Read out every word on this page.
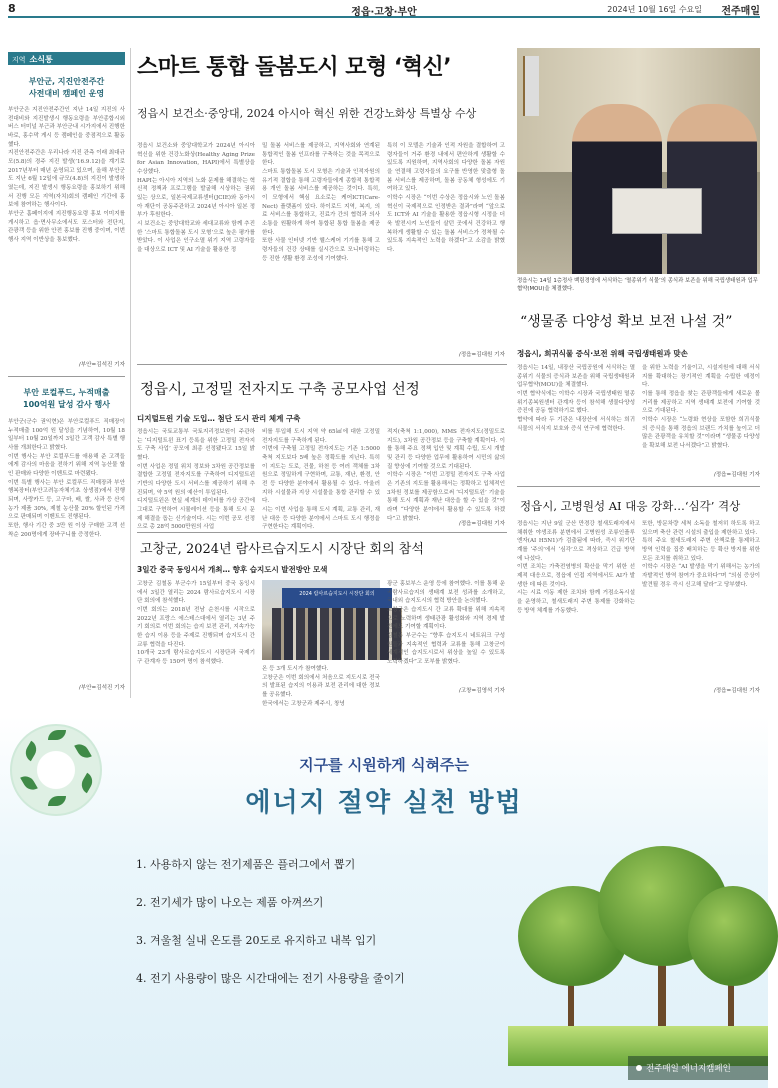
8	정읍·고창·부안	2024년 10월 16일 수요일 전주매일
지역 소식통
부안군, 지진안전주간
사전대비 캠페인 운영
부안군은 지진안전주간인 지난 14일 지진의 사전대비와 지진발생시 행동요령을 부안종합시외버스 터미널 부근과 부안군내 시가지에서 진행한 바로, 홍수막 게시 등 캠페인을 중점적으로 활동했다.
지진안전주간은 우리나라 지진 관측 이래 최대규모(5.8)의 경주 지진 발생(’16.9.12)을 계기로 2017년부터 매년 운영되고 있으며, 올해 부안군도 지난 6월 12일에 규모(4.8)의 지진이 발생하였는데, 지진 발생시 행동요령을 홍보하기 위해서 진행 모든 지역(자치)회의 캠페인 기간에 홍보에 참여하는 행사이다.
부안군 홈페이지에 지진행동요령 홍보 이미지를 게시하고 읍·면사무소에서도 포스터와 전단지, 관광객 등을 위한 안전 홍보를 진행 중이며, 이번 행사 지역 이반상을 통보했다.
/부안=김석진 기자
부안 로컬푸드, 누적매출
100억원 달성 감사 행사
부안군(군수 권익현)은 부안로컬푸드 직매장이 누적매출 100억 원 달성을 기념하여, 10월 18일부터 10월 20일까지 3일간 고객 감사 특별 행사를 개최한다고 밝혔다.
이번 행사는 부안 로컬푸드를 애용해 준 고객들에게 감사의 마음을 전하기 위해 지역 농산물 할인 판매와 다양한 이벤트로 마련됐다.
이번 특별 행사는 부안 로컬푸드 직매장과 부안 행복장터(부안고려농자체기초 상생점)에서 진행되며, 사랑카드 등, 고구마, 배, 쌀, 사과 등 산지농가 제품 30%, 제철 농산물 20% 할인된 가격으로 판매되며 이벤트도 진행된다.
또한, 행사 기간 중 3만 원 이상 구매한 고객 선착순 200명에게 장바구니를 증정한다.
/부안=김석진 기자
스마트 통합 돌봄도시 모형 ‘혁신’
정읍시 보건소·중앙대, 2024 아시아 혁신 위한 건강노화상 특별상 수상
정읍시 보건소와 중앙대학교가 2024년 아시아 혁신을 위한 건강노화상(Healthy Aging Prize for Asian Innovation, HAPI)에서 특별상을 수상했다.
HAPI는 아시아 지역의 노화 문제를 해결하는 혁신적 정책과 프로그램을 발굴해 시상하는 권위 있는 상으로, 일본국제교류센터(JCIE)와 동아시아 재단이 공동주관하고 2024년 아시아 일본 정부가 후원한다.
시 보건소는 중앙대학교와 세대교류와 함께 추진한 ‘스마트 통합돌봄 도시 모형’으로 높은 평가를 받았다. 이 사업은 인구소멸 위기 지역 고령자들을 대상으로 ICT 및 AI 기술을 활용한 정
밀 돌봄 서비스를 제공하고, 지역사회와 연계된 통합적인 돌봄 인프라를 구축하는 것을 목적으로 한다.
스마트 통합돌봄 도시 모형은 기술과 인적자원의 유기적 결합을 통해 고령자들에게 종합적 통합적용 개인 돌봄 서비스를 제공하는 것이다. 특히, 이 모형에서 핵심 요소로는 케어ICT(Care-Nect) 플랫폼이 있다. 하이로드 지역, 복지, 의료 서비스를 통합하고, 진료가 간의 협력과 의사소통을 원활하게 하여 통합된 통합 돌봄을 제공한다.
또한 사물 인터넷 기반 헬스케어 기기를 통해 고령자들의 건강 상태를 실시간으로 모니터링하는 등 진한 생활 환경 조성에 기여했다.
특히 이 모델은 기술과 인적 자원을 결합하여 고령자들이 거주 환경 내에서 편안하게 생활할 수 있도록 지원하며, 지역사회의 다양한 돌봄 자원을 연결해 고령자들의 요구를 반영한 맞춤형 돌봄 서비스를 제공하며, 돌봄 공동체 형성에도 기여하고 있다.
이학수 시장은 “이번 수상은 정읍시와 노인 돌봄 혁신이 국제적으로 인정받은 결과”라며 “앞으로도 ICT와 AI 기술을 활용한 정읍시형 시정을 더욱 발전시켜 노인들이 살던 곳에서 건강하고 행복하게 생활할 수 있는 돌봄 서비스가 정착될 수 있도록 지속적인 노력을 하겠다”고 소감을 밝혔다.
/정읍=김대원 기자
정읍시는 14일 1층정사 백림경영에 서식하는 ‘멸종위기 식물’의 종식과 보존을 위해 국립생태원과 업무협약(MOU)을 체결했다.
“생물종 다양성 확보 보전 나설 것”
정읍시, 희귀식물 증식·보전 위해 국립생태원과 맞손
정읍시는 14일, 내장산 국립공원에 서식하는 멸종위기 식물의 증식과 보존을 위해 국립생태원과 업무협약(MOU)을 체결했다.
이번 협약식에는 이학수 시장과 국립생태원 멸종위기종복원센터 관계자 등이 참석해 생물다양성 증진에 공동 협력하기로 했다.
협약에 따라 두 기관은 내장산에 서식하는 희귀식물의 서식지 보호와 증식 연구에 협력한다.
을 위한 노력을 기울이고, 시설지원에 대해 서식지를 확대하는 장기적인 계획을 수립한 예정이다.
이를 통해 정읍을 찾는 관광객들에게 새로운 볼거리를 제공하고 지역 생태계 보전에 기여할 것으로 기대된다.
이학수 시장은 “노령화 현상을 포함한 희귀식물의 증식을 통해 정읍의 브랜드 가치를 높이고 더 많은 관광객을 유치할 것”이라며 “생물종 다양성을 확보해 보전 나서겠다”고 밝혔다.
/정읍=김대원 기자
정읍시, 고병원성 AI 대응 강화…‘심각’ 격상
정읍시는 지난 9일 군산 만경강 철새도래지에서 채취한 야생조류 분변에서 고병원성 조류인플루엔자(AI H5N1)가 검출됨에 따라, 즉시 위기단계를 ‘주의’에서 ‘심각’으로 격상하고 긴급 방역에 나섰다.
이번 조치는 가축전염병의 확산을 막기 위한 선제적 대응으로, 정읍에 인접 지역에서도 AI가 발생한 데 따른 것이다.
시는 시료 이동 제한 조치와 함께 거점소독시설을 운영하고, 철새도래지 주변 통제를 강화하는 등 방역 체계를 가동했다.
또한, 방문차량 세척 소독을 철저히 하도록 하고 있으며 축산 관련 시설의 출입을 제한하고 있다.
특히 주요 철새도래지 주변 산책로를 통제하고 방역 인력을 집중 배치하는 등 확산 방지를 위한 모든 조치를 취하고 있다.
이학수 시장은 “AI 발생을 막기 위해서는 농가의 자발적인 방역 참여가 중요하다”며 “의심 증상이 발견될 경우 즉시 신고해 달라”고 당부했다.
/정읍=김대원 기자
정읍시, 고정밀 전자지도 구축 공모사업 선정
디지털트윈 기술 도입… 첨단 도시 관리 체계 구축
정읍시는 국토교통부 국토지리정보원이 주관하는 ‘디지털트윈 표기 등록을 위한 고정밀 전자지도 구축 사업’ 공모에 최종 선정됐다고 15일 밝혔다.
이번 사업은 정밀 위치 정보와 3차원 공간정보를 결합한 고정밀 전자지도를 구축하여 디지털트윈 기반의 다양한 도시 서비스를 제공하기 위해 추진되며, 약 5억 원의 예산이 투입된다.
디지털트윈은 현실 세계의 데이터를 가상 공간에 그대로 구현하여 시뮬레이션 등을 통해 도시 문제 해결을 돕는 신기술이다. 시는 이번 공모 선정으로 총 28억 5000만원의 사업
비를 투입해 도시 지역 약 65㎢에 대한 고정밀 전자지도를 구축하게 된다.
이번에 구축될 고정밀 전자지도는 기존 1:5000 축척 지도보다 5배 높은 정확도를 지닌다. 특히 이 지도는 도로, 건물, 하천 등 여러 객체를 3차원으로 정밀하게 구현하며, 교통, 재난, 환경, 안전 등 다양한 분야에서 활용될 수 있다. 아울러 지하 시설물과 지상 시설물을 통합 관리할 수 있다.
시는 이번 사업을 통해 도시 계획, 교통 관리, 재난 대응 등 다양한 분야에서 스마트 도시 행정을 구현한다는 계획이다.
적지(축척 1:1,000), MMS 전자지도(정밀도로지도), 3차원 공간정보 등을 구축할 계획이다. 이를 통해 주요 정책 입안 및 계획 수립, 도시 개발 및 관리 등 다양한 업무에 활용하여 시민의 삶의 질 향상에 기여할 것으로 기대된다.
이학수 시장은 “이번 고정밀 전자지도 구축 사업은 기존의 지도를 활용해서는 정확하고 입체적인 3차원 정보를 제공함으로써 ‘디지털트윈’ 기술을 통해 도시 계획과 재난 대응을 할 수 있을 것”이라며 “다양한 분야에서 활용할 수 있도록 하겠다”고 밝혔다.
/정읍=김대원 기자
고창군, 2024년 람사르습지도시 시장단 회의 참석
3일간 중국 동잉시서 개최… 향후 습지도시 발전방안 모색
고창군 김철동 부군수가 15일부터 중국 동잉시에서 3일간 열리는 2024 람사르습지도시 시장단 회의에 참석했다.
이번 회의는 2018년 전남 순천시를 시작으로 2022년 프랑스 에스테스대에서 열리는 3년 주기 회의로 이번 회의는 습지 보전 관리, 지속가능한 습지 이용 등을 주제로 진행되며 습지도시 간 교류 협력을 다진다.
10개국 23개 람사르습지도시 시장단과 국제기구 관계자 등 150여 명이 참석했다.
2024 람사르습지도시 시장단 회의
온 등 3개 도시가 참여했다.
고창군은 이번 회의에서 처음으로 지도시로 전국의 발표된 습지의 이용과 보전 관리에 대한 정보를 공유했다.
한국에서는 고창군과 제주시, 창녕
광군 홍보부스 운영 등에 참여했다. 이를 통해 운곡람사르습지의 생태계 보전 성과를 소개하고, 국내외 습지도시의 협력 방안을 논의했다.
고창군은 습지도시 간 교류 확대를 위해 지속적으로 노력하며 생태관광 활성화와 지역 경제 발전에도 기여할 계획이다.
김철동 부군수는 “향후 습지도시 네트워크 구성원들과 지속적인 협력과 교류를 통해 고창군이 세계적인 습지도시로서 위상을 높일 수 있도록 노력하겠다”고 포부를 밝혔다.
/고창=김영석 기자
지구를 시원하게 식혀주는
에너지 절약 실천 방법
1. 사용하지 않는 전기제품은 플러그에서 뽑기
2. 전기세가 많이 나오는 제품 아껴쓰기
3. 겨울철 실내 온도를 20도로 유지하고 내복 입기
4. 전기 사용량이 많은 시간대에는 전기 사용량을 줄이기
전주매일 에너지캠페인
